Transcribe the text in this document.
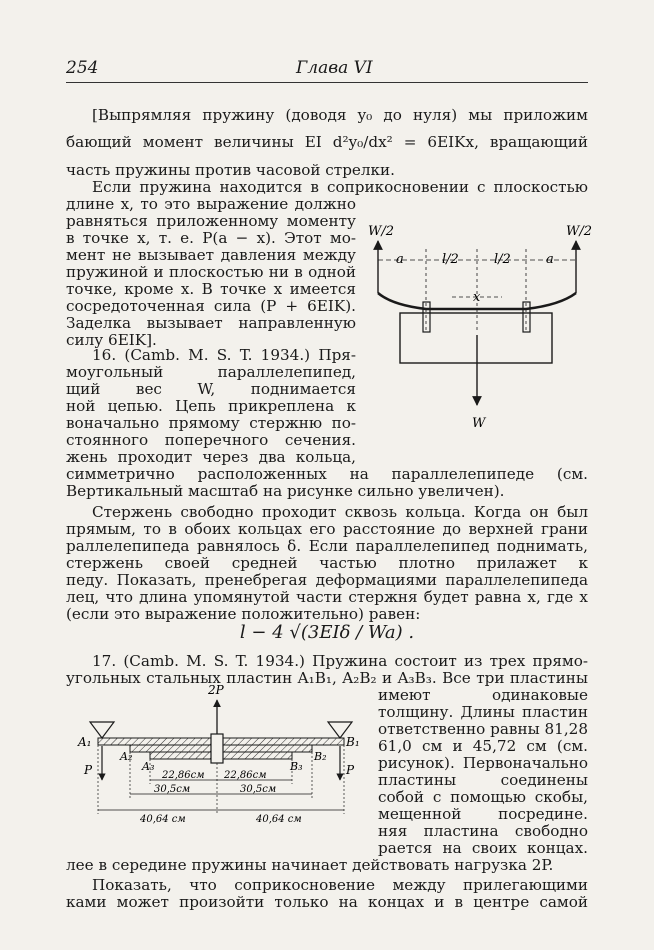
254	Глава VI
[Выпрямляя пружину (доводя y₀ до нуля) мы приложим
бающий момент величины EI d²y₀/dx² = 6EIKx, вращающий
часть пружины против часовой стрелки.
Если пружина находится в соприкосновении с плоскостью
длине x, то это выражение должно
равняться приложенному моменту
в точке x, т. е. P(a − x). Этот мо-
мент не вызывает давления между
пружиной и плоскостью ни в одной
точке, кроме x. В точке x имеется
сосредоточенная сила (P + 6EIK).
Заделка вызывает направленную
силу 6EIK].
16. (Camb. M. S. T. 1934.) Пря-
моугольный параллелепипед,
щий вес W, поднимается
ной цепью. Цепь прикреплена к
воначально прямому стержню по-
стоянного поперечного сечения.
жень проходит через два кольца,
симметрично расположенных на параллелепипеде (см.
Вертикальный масштаб на рисунке сильно увеличен).
Стержень свободно проходит сквозь кольца. Когда он был
прямым, то в обоих кольцах его расстояние до верхней грани
раллелепипеда равнялось δ. Если параллелепипед поднимать,
стержень своей средней частью плотно прилажет к
педу. Показать, пренебрегая деформациями параллелепипеда
лец, что длина упомянутой части стержня будет равна x, где x
(если это выражение положительно) равен:
l − 4 √(3EIδ / Wa) .
17. (Camb. M. S. T. 1934.) Пружина состоит из трех прямо-
угольных стальных пластин A₁B₁, A₂B₂ и A₃B₃. Все три пластины
имеют одинаковые
толщину. Длины пластин
ответственно равны 81,28
61,0 см и 45,72 см (см.
рисунок). Первоначально
пластины соединены
собой с помощью скобы,
мещенной посредине.
няя пластина свободно
рается на своих концах.
лее в середине пружины начинает действовать нагрузка 2P.
Показать, что соприкосновение между прилегающими
ками может произойти только на концах и в центре самой
W/2	W/2
a	l/2	l/2	a
x
W
2P
A₁	B₁
A₂	B₂
A₃	B₃
P	P
22,86см 22,86см
30,5см	30,5см
40,64 см	40,64 см
